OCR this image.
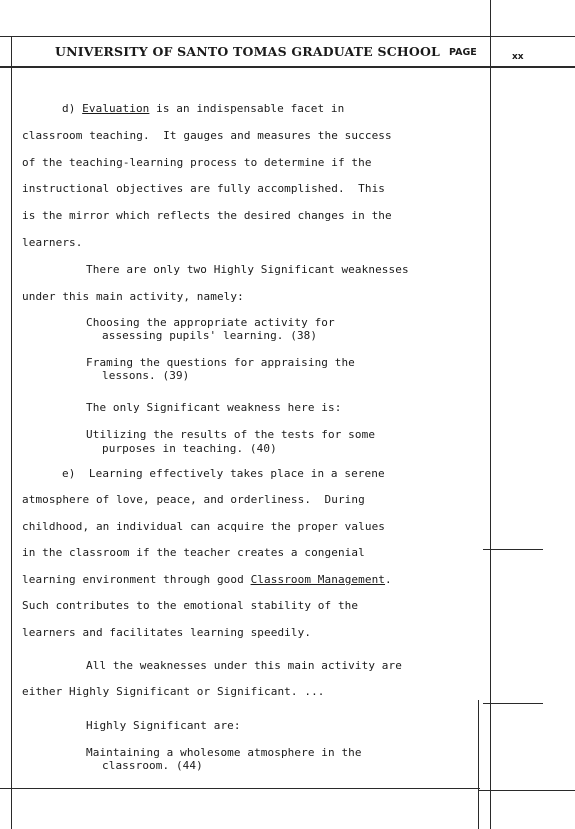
UNIVERSITY OF SANTO TOMAS GRADUATE SCHOOL PAGE	xx
d) Evaluation is an indispensable facet in
classroom teaching.  It gauges and measures the success
of the teaching-learning process to determine if the
instructional objectives are fully accomplished.  This
is the mirror which reflects the desired changes in the
learners.
There are only two Highly Significant weaknesses
under this main activity, namely:
Choosing the appropriate activity for
assessing pupils' learning. (38)
Framing the questions for appraising the
lessons. (39)
The only Significant weakness here is:
Utilizing the results of the tests for some
purposes in teaching. (40)
e)  Learning effectively takes place in a serene
atmosphere of love, peace, and orderliness.  During
childhood, an individual can acquire the proper values
in the classroom if the teacher creates a congenial
learning environment through good Classroom Management.
Such contributes to the emotional stability of the
learners and facilitates learning speedily.
All the weaknesses under this main activity are
either Highly Significant or Significant. ...
Highly Significant are:
Maintaining a wholesome atmosphere in the
classroom. (44)
